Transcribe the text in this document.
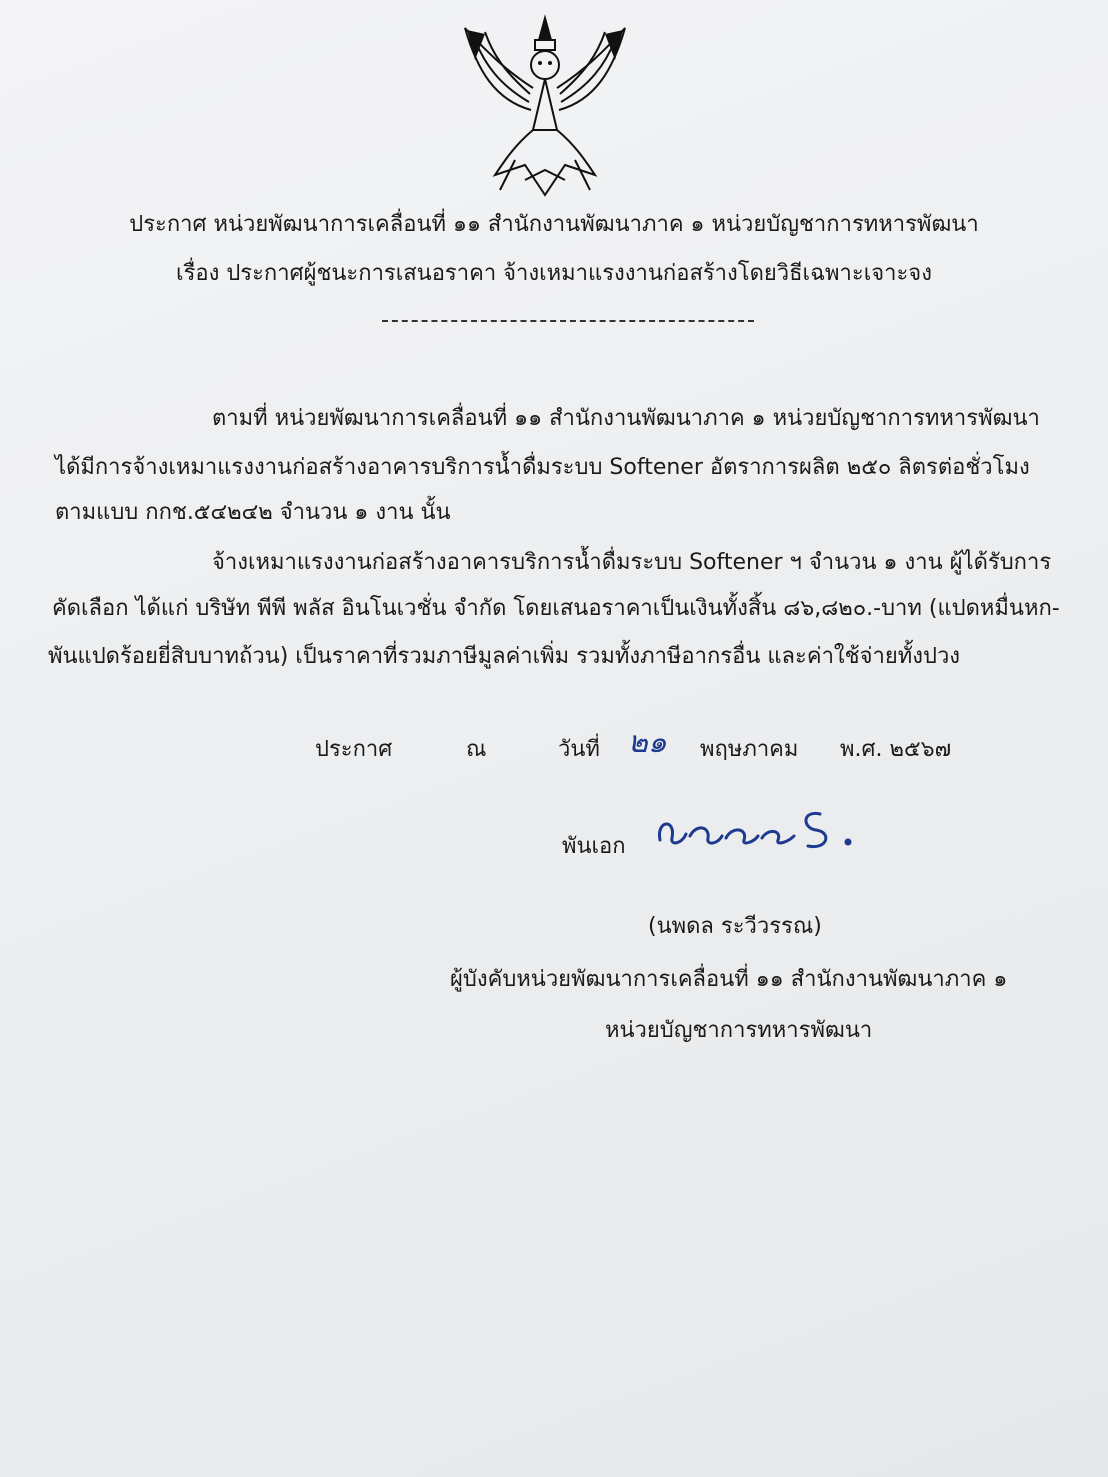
ประกาศ หน่วยพัฒนาการเคลื่อนที่ ๑๑ สำนักงานพัฒนาภาค ๑ หน่วยบัญชาการทหารพัฒนา
เรื่อง ประกาศผู้ชนะการเสนอราคา จ้างเหมาแรงงานก่อสร้างโดยวิธีเฉพาะเจาะจง
ตามที่ หน่วยพัฒนาการเคลื่อนที่ ๑๑ สำนักงานพัฒนาภาค ๑ หน่วยบัญชาการทหารพัฒนา
ได้มีการจ้างเหมาแรงงานก่อสร้างอาคารบริการน้ำดื่มระบบ Softener อัตราการผลิต ๒๕๐ ลิตรต่อชั่วโมง
ตามแบบ กกช.๕๔๒๔๒ จำนวน ๑ งาน นั้น
จ้างเหมาแรงงานก่อสร้างอาคารบริการน้ำดื่มระบบ Softener ฯ จำนวน ๑ งาน ผู้ได้รับการ
คัดเลือก ได้แก่ บริษัท พีพี พลัส อินโนเวชั่น จำกัด โดยเสนอราคาเป็นเงินทั้งสิ้น ๘๖,๘๒๐.-บาท (แปดหมื่นหก-
พันแปดร้อยยี่สิบบาทถ้วน) เป็นราคาที่รวมภาษีมูลค่าเพิ่ม รวมทั้งภาษีอากรอื่น และค่าใช้จ่ายทั้งปวง
ประกาศ	ณ	วันที่ ๒๑ พฤษภาคม พ.ศ. ๒๕๖๗
พันเอก
(นพดล ระวีวรรณ)
ผู้บังคับหน่วยพัฒนาการเคลื่อนที่ ๑๑ สำนักงานพัฒนาภาค ๑
หน่วยบัญชาการทหารพัฒนา
